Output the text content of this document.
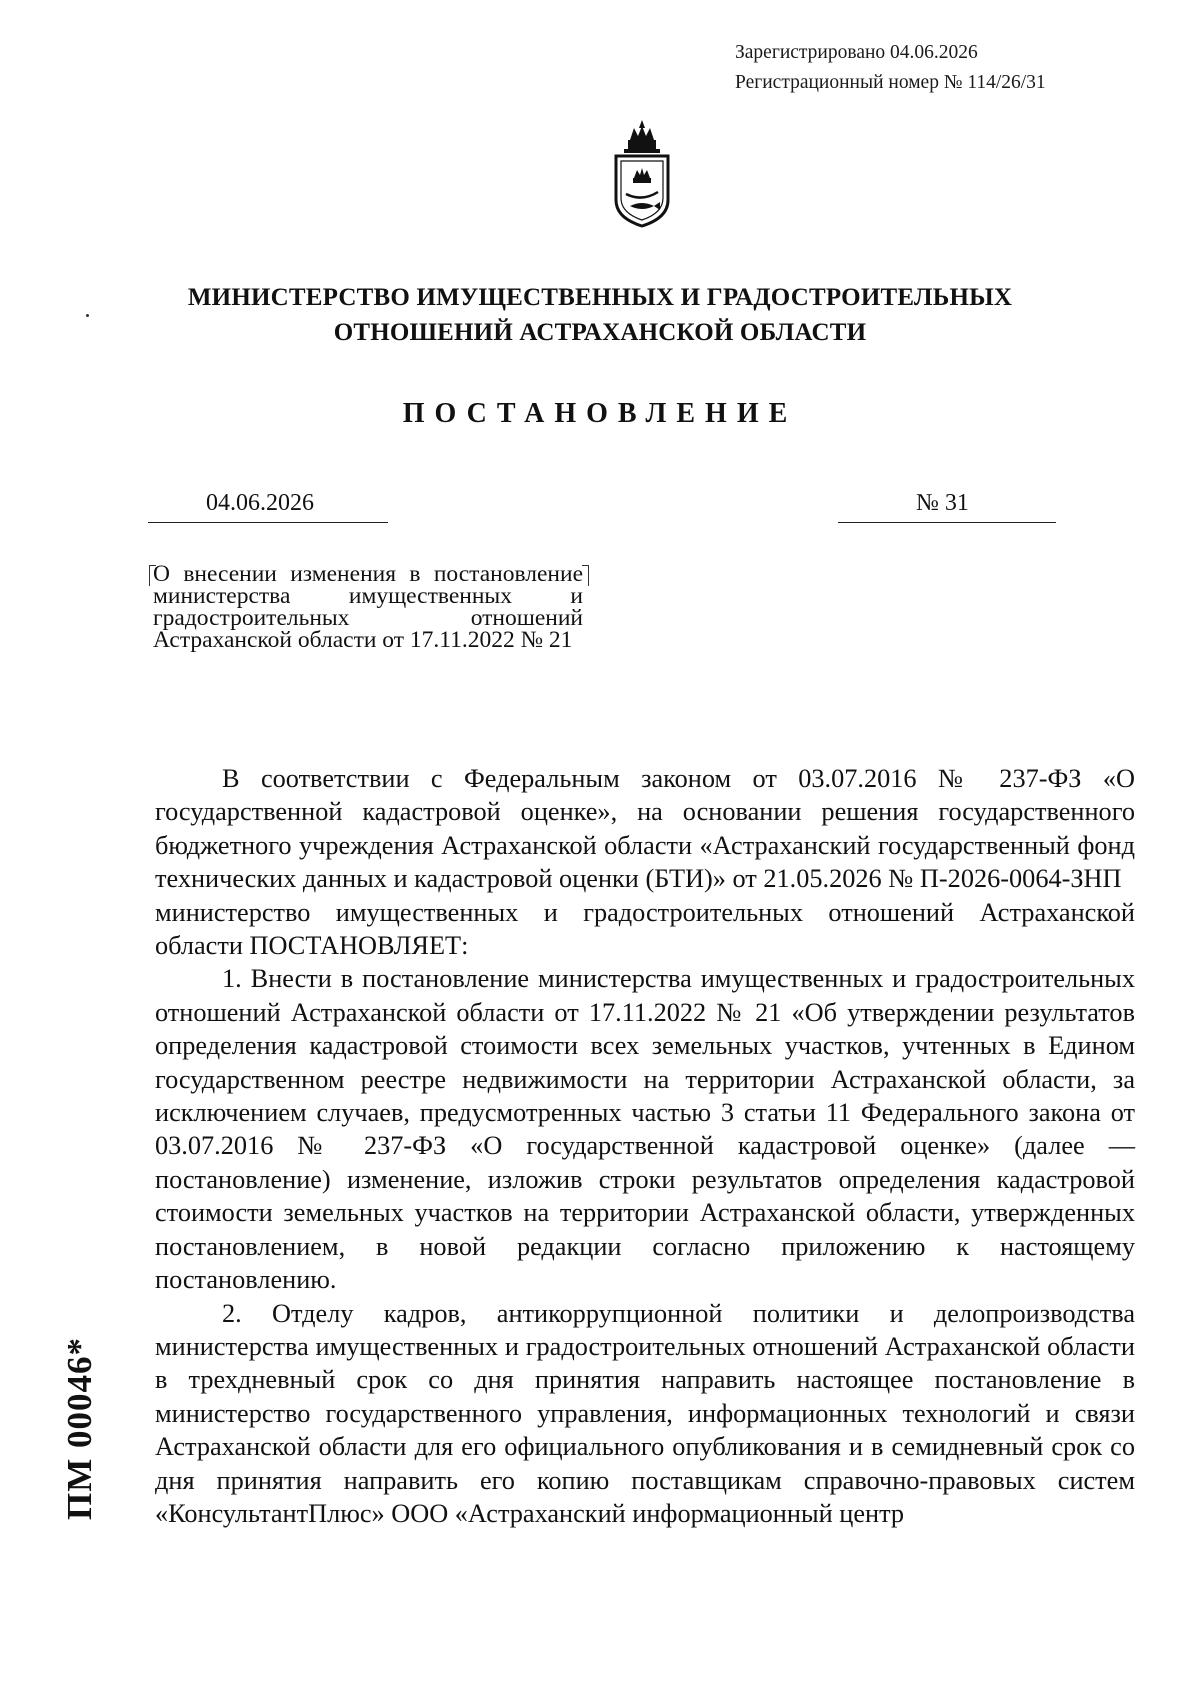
Зарегистрировано 04.06.2026
Регистрационный номер № 114/26/31
МИНИСТЕРСТВО ИМУЩЕСТВЕННЫХ И ГРАДОСТРОИТЕЛЬНЫХ
ОТНОШЕНИЙ АСТРАХАНСКОЙ ОБЛАСТИ
ПОСТАНОВЛЕНИЕ
04.06.2026	№ 31
О внесении изменения в постановление министерства имущественных и градостроительных отношений Астраханской области от 17.11.2022 № 21

В соответствии с Федеральным законом от 03.07.2016 № 237-ФЗ «О государственной кадастровой оценке», на основании решения государственного бюджетного учреждения Астраханской области «Астраханский государственный фонд технических данных и кадастровой оценки (БТИ)» от 21.05.2026 № П-2026-0064-ЗНП

министерство имущественных и градостроительных отношений Астраханской области ПОСТАНОВЛЯЕТ:

1. Внести в постановление министерства имущественных и градостроительных отношений Астраханской области от 17.11.2022 № 21 «Об утверждении результатов определения кадастровой стоимости всех земельных участков, учтенных в Едином государственном реестре недвижимости на территории Астраханской области, за исключением случаев, предусмотренных частью 3 статьи 11 Федерального закона от 03.07.2016 № 237-ФЗ «О государственной кадастровой оценке» (далее — постановление) изменение, изложив строки результатов определения кадастровой стоимости земельных участков на территории Астраханской области, утвержденных постановлением, в новой редакции согласно приложению к настоящему постановлению.

2. Отделу кадров, антикоррупционной политики и делопроизводства министерства имущественных и градостроительных отношений Астраханской области в трехдневный срок со дня принятия направить настоящее постановление в министерство государственного управления, информационных технологий и связи Астраханской области для его официального опубликования и в семидневный срок со дня принятия направить его копию поставщикам справочно-правовых систем «КонсультантПлюс» ООО «Астраханский информационный центр

ПМ 00046*
